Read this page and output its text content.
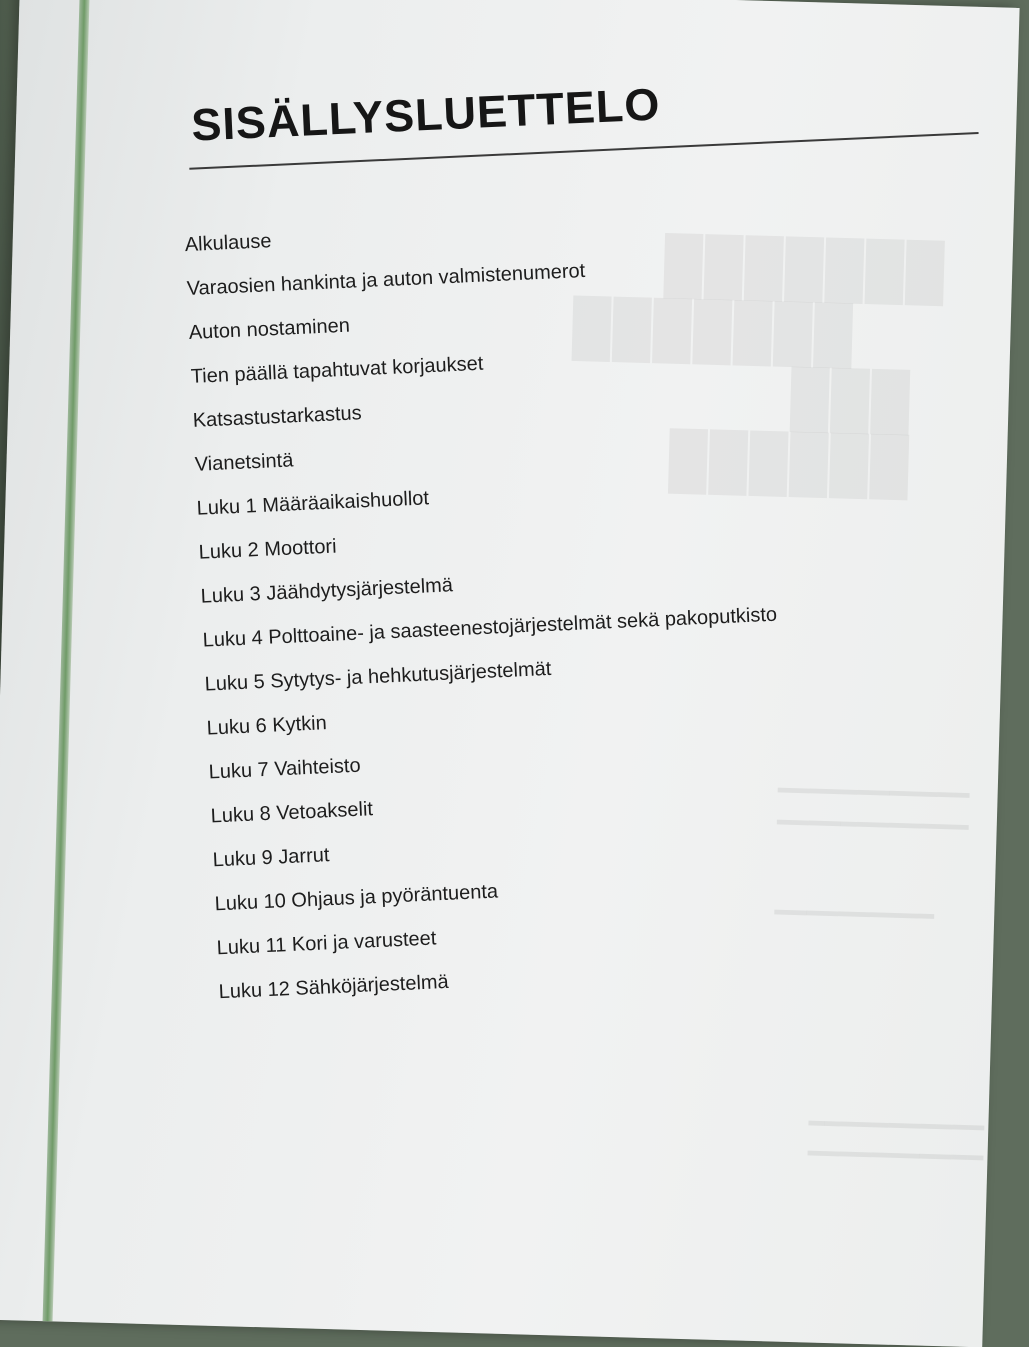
███████
███████
███
██████
▬▬▬▬▬▬▬▬▬▬▬▬
▬▬▬▬▬▬▬▬▬▬▬▬
▬▬▬▬▬▬▬▬▬▬
▬▬▬▬▬▬▬▬▬▬▬
▬▬▬▬▬▬▬▬▬▬▬
SISÄLLYSLUETTELO
Alkulause
Varaosien hankinta ja auton valmistenumerot
Auton nostaminen
Tien päällä tapahtuvat korjaukset
Katsastustarkastus
Vianetsintä
Luku 1 Määräaikaishuollot
Luku 2 Moottori
Luku 3 Jäähdytysjärjestelmä
Luku 4 Polttoaine- ja saasteenestojärjestelmät sekä pakoputkisto
Luku 5 Sytytys- ja hehkutusjärjestelmät
Luku 6 Kytkin
Luku 7 Vaihteisto
Luku 8 Vetoakselit
Luku 9 Jarrut
Luku 10 Ohjaus ja pyöräntuenta
Luku 11 Kori ja varusteet
Luku 12 Sähköjärjestelmä
